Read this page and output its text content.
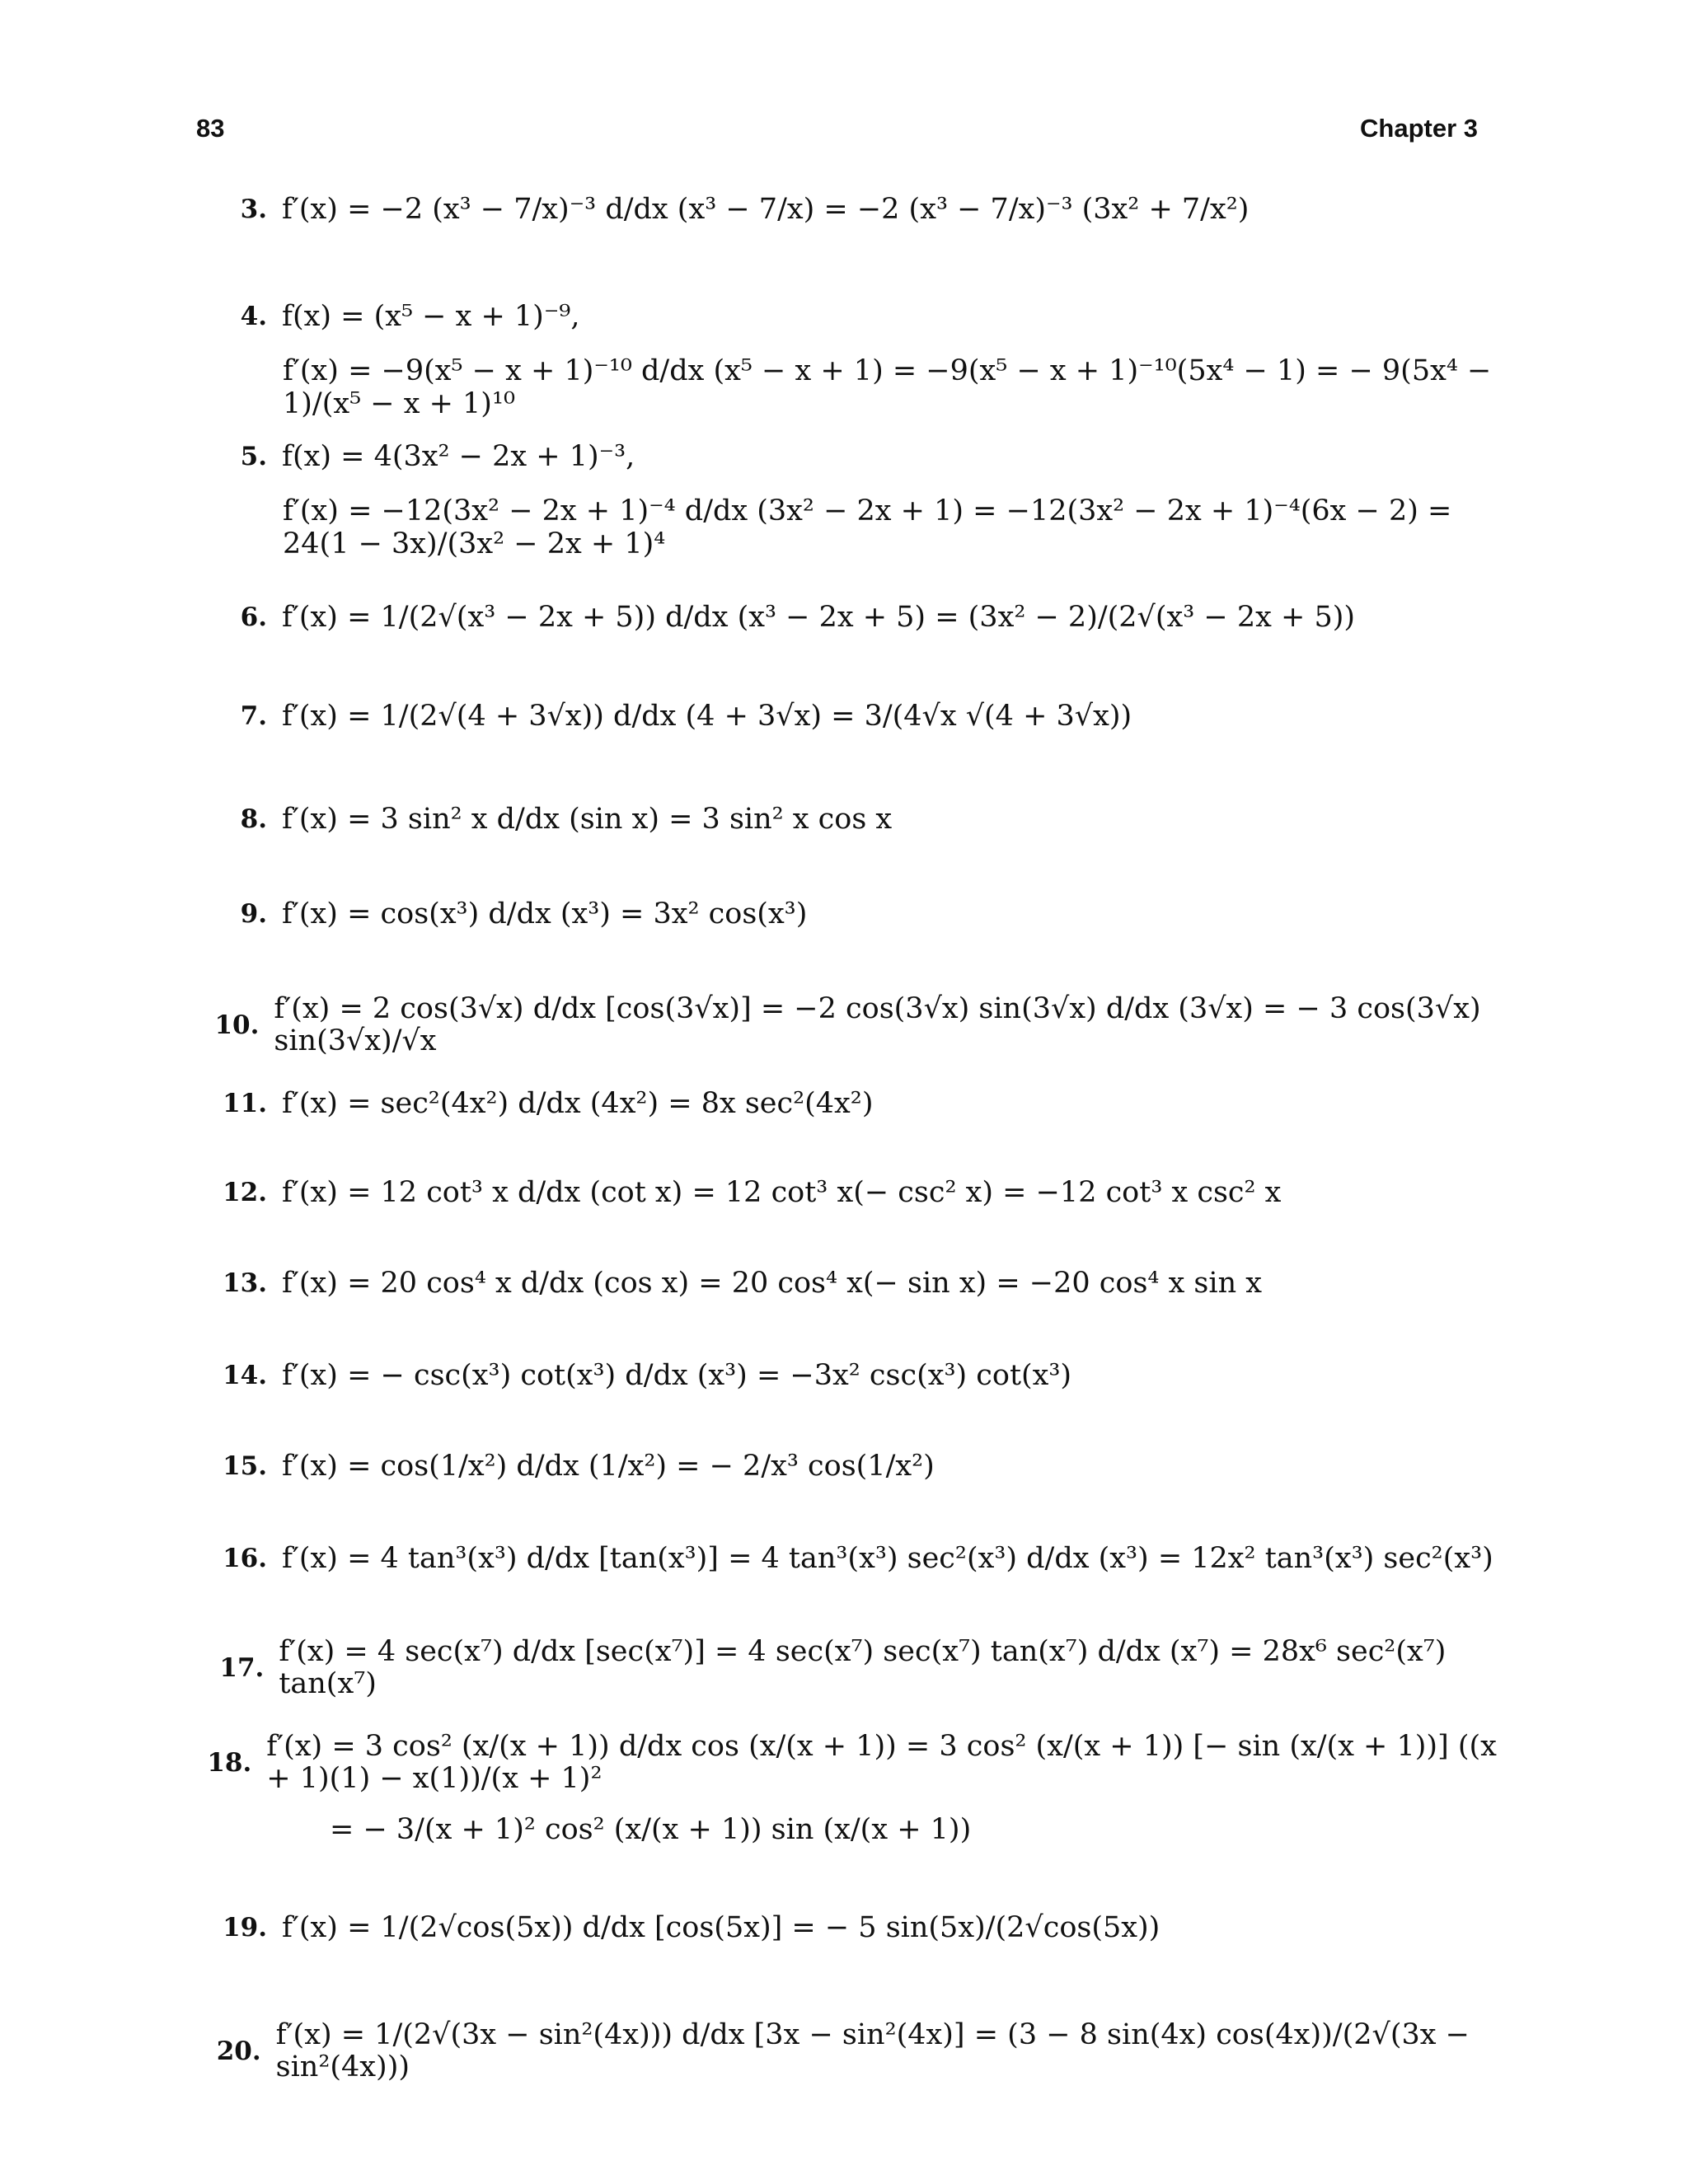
83	Chapter 3
3. f′(x) = −2 (x³ − 7/x)⁻³ d/dx (x³ − 7/x) = −2 (x³ − 7/x)⁻³ (3x² + 7/x²)
4. f(x) = (x⁵ − x + 1)⁻⁹,
f′(x) = −9(x⁵ − x + 1)⁻¹⁰ d/dx (x⁵ − x + 1) = −9(x⁵ − x + 1)⁻¹⁰(5x⁴ − 1) = − 9(5x⁴ − 1)/(x⁵ − x + 1)¹⁰
5. f(x) = 4(3x² − 2x + 1)⁻³,
f′(x) = −12(3x² − 2x + 1)⁻⁴ d/dx (3x² − 2x + 1) = −12(3x² − 2x + 1)⁻⁴(6x − 2) = 24(1 − 3x)/(3x² − 2x + 1)⁴
6. f′(x) = 1/(2√(x³ − 2x + 5)) d/dx (x³ − 2x + 5) = (3x² − 2)/(2√(x³ − 2x + 5))
7. f′(x) = 1/(2√(4 + 3√x)) d/dx (4 + 3√x) = 3/(4√x √(4 + 3√x))
8. f′(x) = 3 sin² x d/dx (sin x) = 3 sin² x cos x
9. f′(x) = cos(x³) d/dx (x³) = 3x² cos(x³)
10. f′(x) = 2 cos(3√x) d/dx [cos(3√x)] = −2 cos(3√x) sin(3√x) d/dx (3√x) = − 3 cos(3√x) sin(3√x)/√x
11. f′(x) = sec²(4x²) d/dx (4x²) = 8x sec²(4x²)
12. f′(x) = 12 cot³ x d/dx (cot x) = 12 cot³ x(− csc² x) = −12 cot³ x csc² x
13. f′(x) = 20 cos⁴ x d/dx (cos x) = 20 cos⁴ x(− sin x) = −20 cos⁴ x sin x
14. f′(x) = − csc(x³) cot(x³) d/dx (x³) = −3x² csc(x³) cot(x³)
15. f′(x) = cos(1/x²) d/dx (1/x²) = − 2/x³ cos(1/x²)
16. f′(x) = 4 tan³(x³) d/dx [tan(x³)] = 4 tan³(x³) sec²(x³) d/dx (x³) = 12x² tan³(x³) sec²(x³)
17. f′(x) = 4 sec(x⁷) d/dx [sec(x⁷)] = 4 sec(x⁷) sec(x⁷) tan(x⁷) d/dx (x⁷) = 28x⁶ sec²(x⁷) tan(x⁷)
18. f′(x) = 3 cos² (x/(x + 1)) d/dx cos (x/(x + 1)) = 3 cos² (x/(x + 1)) [− sin (x/(x + 1))] ((x + 1)(1) − x(1))/(x + 1)²
= − 3/(x + 1)² cos² (x/(x + 1)) sin (x/(x + 1))
19. f′(x) = 1/(2√cos(5x)) d/dx [cos(5x)] = − 5 sin(5x)/(2√cos(5x))
20. f′(x) = 1/(2√(3x − sin²(4x))) d/dx [3x − sin²(4x)] = (3 − 8 sin(4x) cos(4x))/(2√(3x − sin²(4x)))
